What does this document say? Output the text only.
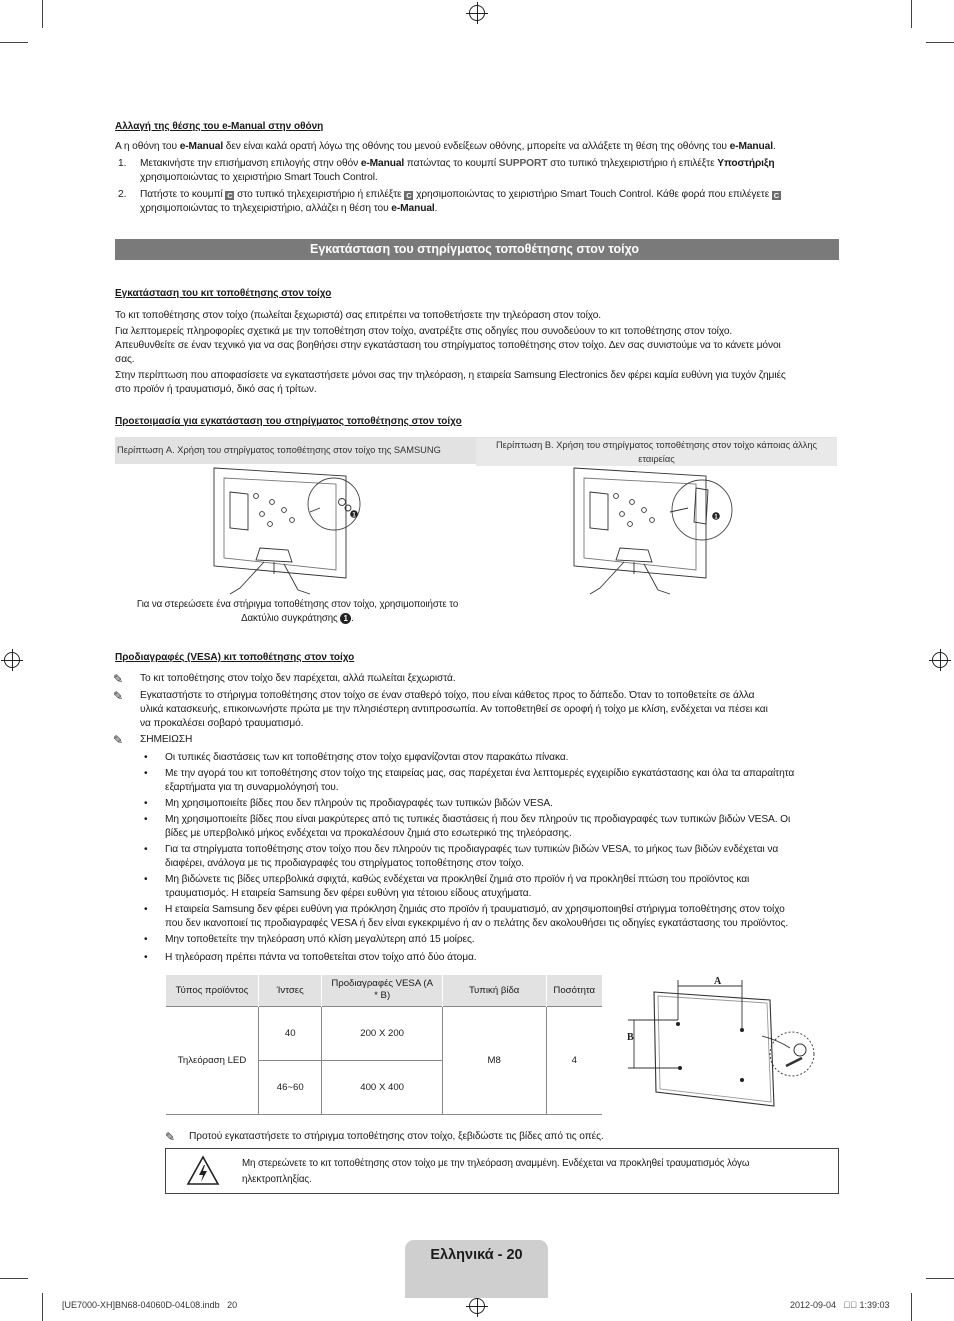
Αλλαγή της θέσης του e-Manual στην οθόνη
Α η οθόνη του e-Manual δεν είναι καλά ορατή λόγω της οθόνης του μενού ενδείξεων οθόνης, μπορείτε να αλλάξετε τη θέση της οθόνης του e-Manual.
1. Μετακινήστε την επισήμανση επιλογής στην οθόν e-Manual πατώντας το κουμπί SUPPORT στο τυπικό τηλεχειριστήριο ή επιλέξτε Υποστήριξη
χρησιμοποιώντας το χειριστήριο Smart Touch Control.
2. Πατήστε το κουμπί C στο τυπικό τηλεχειριστήριο ή επιλέξτε C χρησιμοποιώντας το χειριστήριο Smart Touch Control. Κάθε φορά που επιλέγετε C
χρησιμοποιώντας το τηλεχειριστήριο, αλλάζει η θέση του e-Manual.
Εγκατάσταση του στηρίγματος τοποθέτησης στον τοίχο
Εγκατάσταση του κιτ τοποθέτησης στον τοίχο
Το κιτ τοποθέτησης στον τοίχο (πωλείται ξεχωριστά) σας επιτρέπει να τοποθετήσετε την τηλεόραση στον τοίχο.
Για λεπτομερείς πληροφορίες σχετικά με την τοποθέτηση στον τοίχο, ανατρέξτε στις οδηγίες που συνοδεύουν το κιτ τοποθέτησης στον τοίχο.
Απευθυνθείτε σε έναν τεχνικό για να σας βοηθήσει στην εγκατάσταση του στηρίγματος τοποθέτησης στον τοίχο. Δεν σας συνιστούμε να το κάνετε μόνοι
σας.
Στην περίπτωση που αποφασίσετε να εγκαταστήσετε μόνοι σας την τηλεόραση, η εταιρεία Samsung Electronics δεν φέρει καμία ευθύνη για τυχόν ζημιές
στο προϊόν ή τραυματισμό, δικό σας ή τρίτων.
Προετοιμασία για εγκατάσταση του στηρίγματος τοποθέτησης στον τοίχο
Περίπτωση A. Χρήση του στηρίγματος τοποθέτησης στον τοίχο της SAMSUNG	Περίπτωση B. Χρήση του στηρίγματος τοποθέτησης στον τοίχο κάποιας άλλης
εταιρείας
1	1
Για να στερεώσετε ένα στήριγμα τοποθέτησης στον τοίχο, χρησιμοποιήστε το
Δακτύλιο συγκράτησης 1 .
Προδιαγραφές (VESA) κιτ τοποθέτησης στον τοίχο
✎ Το κιτ τοποθέτησης στον τοίχο δεν παρέχεται, αλλά πωλείται ξεχωριστά.
✎ Εγκαταστήστε το στήριγμα τοποθέτησης στον τοίχο σε έναν σταθερό τοίχο, που είναι κάθετος προς το δάπεδο. Όταν το τοποθετείτε σε άλλα
υλικά κατασκευής, επικοινωνήστε πρώτα με την πλησιέστερη αντιπροσωπία. Αν τοποθετηθεί σε οροφή ή τοίχο με κλίση, ενδέχεται να πέσει και
να προκαλέσει σοβαρό τραυματισμό.
✎ ΣΗΜΕΙΩΣΗ
• Οι τυπικές διαστάσεις των κιτ τοποθέτησης στον τοίχο εμφανίζονται στον παρακάτω πίνακα.
• Με την αγορά του κιτ τοποθέτησης στον τοίχο της εταιρείας μας, σας παρέχεται ένα λεπτομερές εγχειρίδιο εγκατάστασης και όλα τα απαραίτητα
εξαρτήματα για τη συναρμολόγησή του.
• Μη χρησιμοποιείτε βίδες που δεν πληρούν τις προδιαγραφές των τυπικών βιδών VESA.
• Μη χρησιμοποιείτε βίδες που είναι μακρύτερες από τις τυπικές διαστάσεις ή που δεν πληρούν τις προδιαγραφές των τυπικών βιδών VESA. Οι
βίδες με υπερβολικό μήκος ενδέχεται να προκαλέσουν ζημιά στο εσωτερικό της τηλεόρασης.
• Για τα στηρίγματα τοποθέτησης στον τοίχο που δεν πληρούν τις προδιαγραφές των τυπικών βιδών VESA, το μήκος των βιδών ενδέχεται να
διαφέρει, ανάλογα με τις προδιαγραφές του στηρίγματος τοποθέτησης στον τοίχο.
• Μη βιδώνετε τις βίδες υπερβολικά σφιχτά, καθώς ενδέχεται να προκληθεί ζημιά στο προϊόν ή να προκληθεί πτώση του προϊόντος και
τραυματισμός. Η εταιρεία Samsung δεν φέρει ευθύνη για τέτοιου είδους ατυχήματα.
• Η εταιρεία Samsung δεν φέρει ευθύνη για πρόκληση ζημιάς στο προϊόν ή τραυματισμό, αν χρησιμοποιηθεί στήριγμα τοποθέτησης στον τοίχο
που δεν ικανοποιεί τις προδιαγραφές VESA ή δεν είναι εγκεκριμένο ή αν ο πελάτης δεν ακολουθήσει τις οδηγίες εγκατάστασης του προϊόντος.
• Μην τοποθετείτε την τηλεόραση υπό κλίση μεγαλύτερη από 15 μοίρες.
• Η τηλεόραση πρέπει πάντα να τοποθετείται στον τοίχο από δύο άτομα.
Τύπος προϊόντος	Ίντσες	Προδιαγραφές VESA (A
* B)	Τυπική βίδα	Ποσότητα
Τηλεόραση LED	40	200 X 200	M8	4
	46~60	400 X 400		
A
B
✎ Προτού εγκαταστήσετε το στήριγμα τοποθέτησης στον τοίχο, ξεβιδώστε τις βίδες από τις οπές.
Μη στερεώνετε το κιτ τοποθέτησης στον τοίχο με την τηλεόραση αναμμένη. Ενδέχεται να προκληθεί τραυματισμός λόγω
ηλεκτροπληξίας.
Ελληνικά - 20
[UE7000-XH]BN68-04060D-04L08.indb   20	2012-09-04   ￿￿ 1:39:03
